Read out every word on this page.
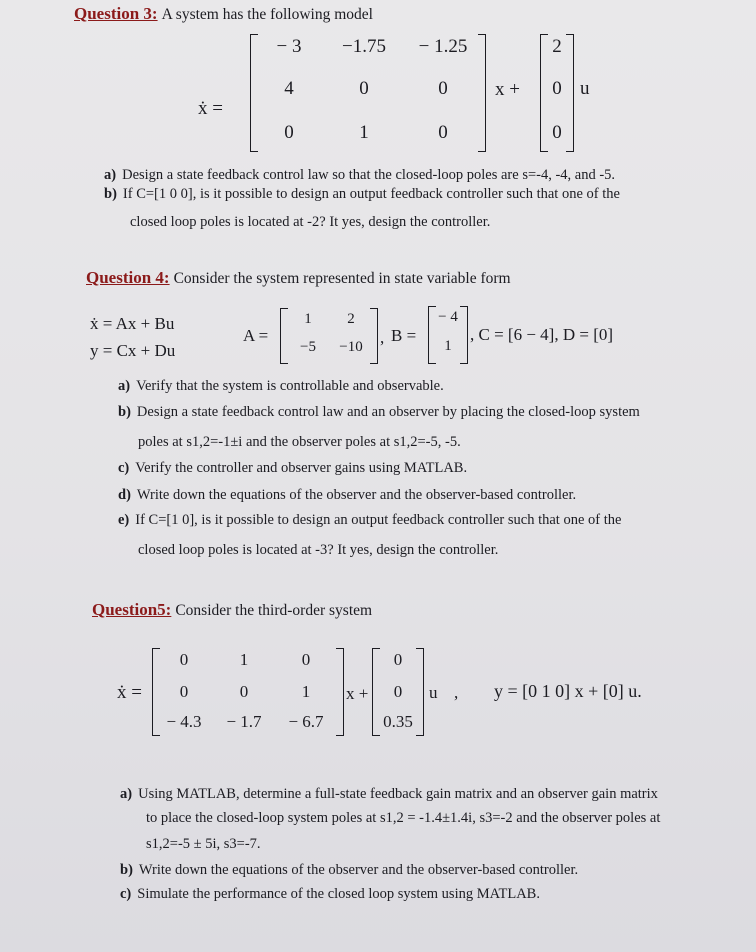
Question 3: A system has the following model
ẋ =
− 3	−1.75	− 1.25
4	0	0
0	1	0
x +
2
0
0
u
a) Design a state feedback control law so that the closed-loop poles are s=-4, -4, and -5.
b) If C=[1 0 0], is it possible to design an output feedback controller such that one of the
closed loop poles is located at -2? It yes, design the controller.
Question 4: Consider the system represented in state variable form
ẋ = Ax + Bu
y = Cx + Du
A =
1	2
−5	−10	, B =
− 4
1
, C = [6 − 4], D = [0]
a) Verify that the system is controllable and observable.
b) Design a state feedback control law and an observer by placing the closed-loop system
poles at s1,2=-1±i and the observer poles at s1,2=-5, -5.
c) Verify the controller and observer gains using MATLAB.
d) Write down the equations of the observer and the observer-based controller.
e) If C=[1 0], is it possible to design an output feedback controller such that one of the
closed loop poles is located at -3? It yes, design the controller.
Question5: Consider the third-order system
ẋ =
0	1	0
0	0	1
− 4.3	− 1.7	− 6.7
x +
0
0
0.35
u , y = [0 1 0] x + [0] u.
a) Using MATLAB, determine a full-state feedback gain matrix and an observer gain matrix
to place the closed-loop system poles at s1,2 = -1.4±1.4i, s3=-2 and the observer poles at
s1,2=-5 ± 5i, s3=-7.
b) Write down the equations of the observer and the observer-based controller.
c) Simulate the performance of the closed loop system using MATLAB.
